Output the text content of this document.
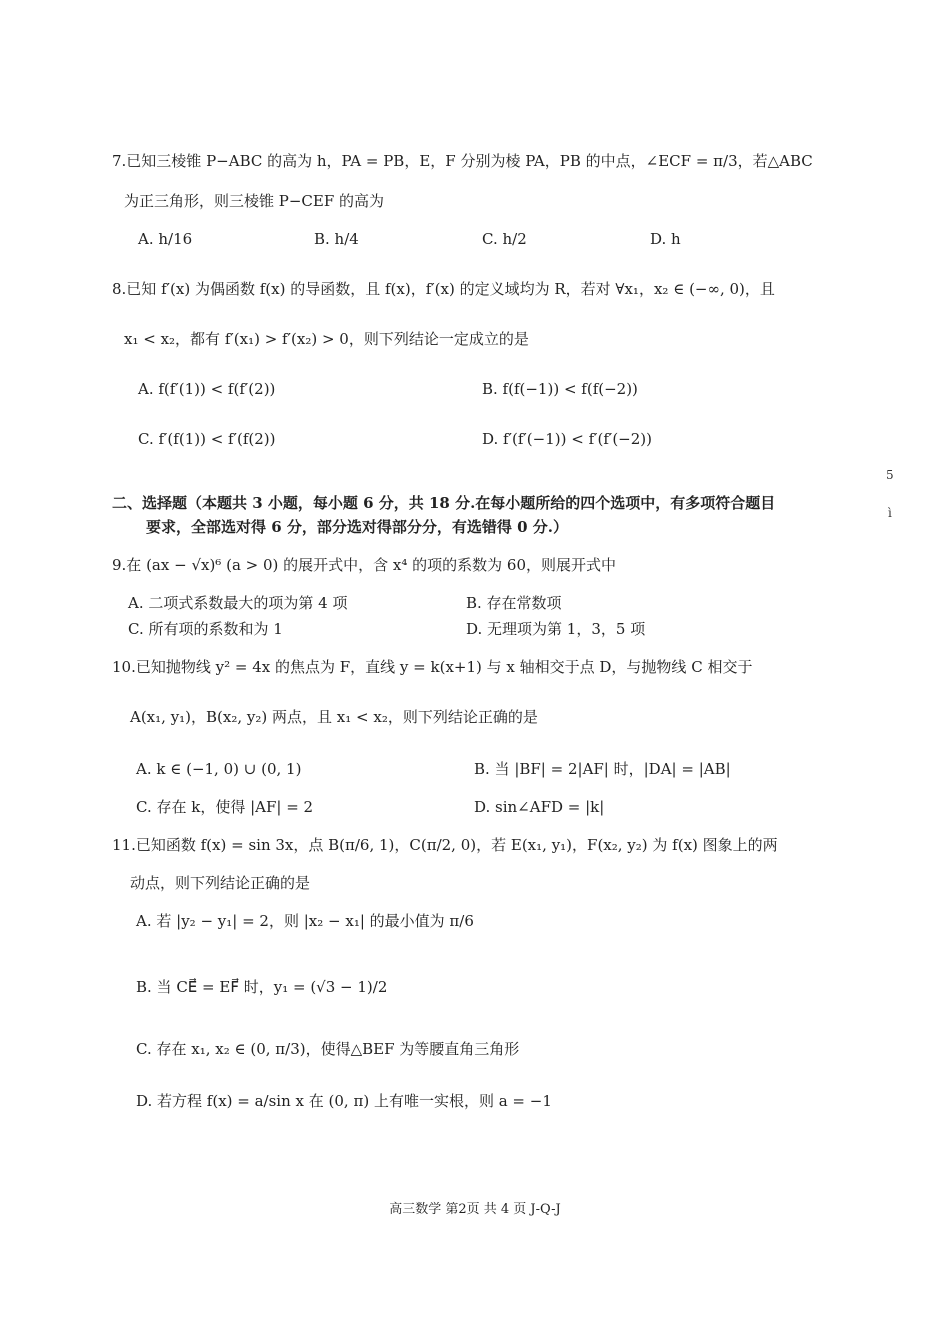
7.已知三棱锥 P−ABC 的高为 h，PA = PB，E，F 分别为棱 PA，PB 的中点，∠ECF = π/3，若△ABC
为正三角形，则三棱锥 P−CEF 的高为
A. h/16	B. h/4	C. h/2	D. h
8.已知 f′(x) 为偶函数 f(x) 的导函数，且 f(x)，f′(x) 的定义域均为 R，若对 ∀x₁，x₂ ∈ (−∞, 0)，且
x₁ < x₂，都有 f′(x₁) > f′(x₂) > 0，则下列结论一定成立的是
A. f(f′(1)) < f(f′(2))	B. f(f(−1)) < f(f(−2))
C. f′(f(1)) < f′(f(2))	D. f′(f′(−1)) < f′(f′(−2))
二、选择题（本题共 3 小题，每小题 6 分，共 18 分.在每小题所给的四个选项中，有多项符合题目
要求，全部选对得 6 分，部分选对得部分分，有选错得 0 分.）
9.在 (ax − √x)⁶ (a > 0) 的展开式中，含 x⁴ 的项的系数为 60，则展开式中
A. 二项式系数最大的项为第 4 项	B. 存在常数项
C. 所有项的系数和为 1	D. 无理项为第 1，3，5 项
10.已知抛物线 y² = 4x 的焦点为 F，直线 y = k(x+1) 与 x 轴相交于点 D，与抛物线 C 相交于
A(x₁, y₁)，B(x₂, y₂) 两点，且 x₁ < x₂，则下列结论正确的是
A. k ∈ (−1, 0) ∪ (0, 1)	B. 当 |BF| = 2|AF| 时，|DA| = |AB|
C. 存在 k，使得 |AF| = 2	D. sin∠AFD = |k|
11.已知函数 f(x) = sin 3x，点 B(π/6, 1)，C(π/2, 0)，若 E(x₁, y₁)，F(x₂, y₂) 为 f(x) 图象上的两
动点，则下列结论正确的是
A. 若 |y₂ − y₁| = 2，则 |x₂ − x₁| 的最小值为 π/6
B. 当 CE⃗ = EF⃗ 时，y₁ = (√3 − 1)/2
C. 存在 x₁, x₂ ∈ (0, π/3)，使得△BEF 为等腰直角三角形
D. 若方程 f(x) = a/sin x 在 (0, π) 上有唯一实根，则 a = −1
5
ì
高三数学 第2页 共 4 页 J-Q-J
